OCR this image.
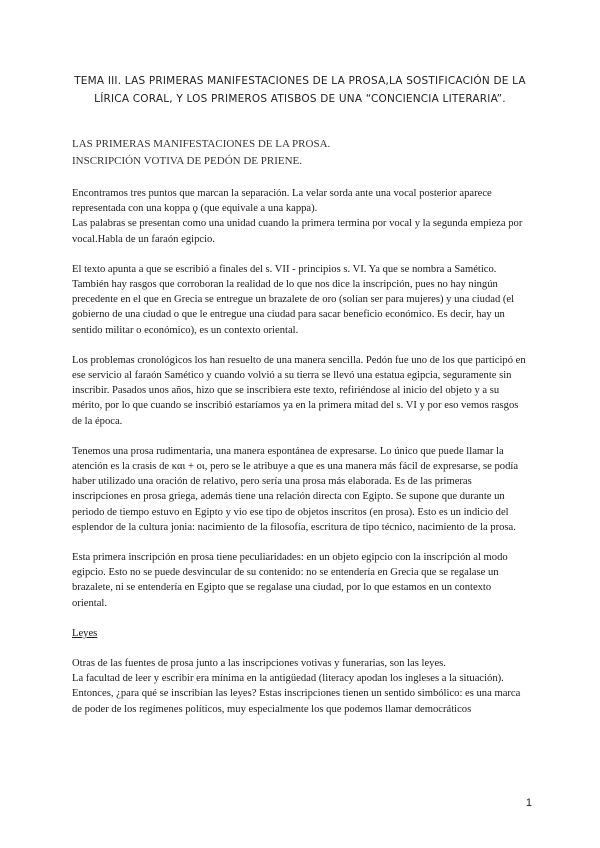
TEMA III. LAS PRIMERAS MANIFESTACIONES DE LA PROSA,LA SOSTIFICACIÓN DE LA LÍRICA CORAL, Y LOS PRIMEROS ATISBOS DE UNA “CONCIENCIA LITERARIA”.
LAS PRIMERAS MANIFESTACIONES DE LA PROSA.
INSCRIPCIÓN VOTIVA DE PEDÓN DE PRIENE.

Encontramos tres puntos que marcan la separación. La velar sorda ante una vocal posterior aparece representada con una koppa ϙ (que equivale a una kappa).
Las palabras se presentan como una unidad cuando la primera termina por vocal y la segunda empieza por vocal.Habla de un faraón egipcio.

El texto apunta a que se escribió a finales del s. VII - principios s. VI. Ya que se nombra a Samético. También hay rasgos que corroboran la realidad de lo que nos dice la inscripción, pues no hay ningún precedente en el que en Grecia se entregue un brazalete de oro (solían ser para mujeres) y una ciudad (el gobierno de una ciudad o que le entregue una ciudad para sacar beneficio económico. Es decir, hay un sentido militar o económico), es un contexto oriental.

Los problemas cronológicos los han resuelto de una manera sencilla. Pedón fue uno de los que participó en ese servicio al faraón Samético y cuando volvió a su tierra se llevó una estatua egipcia, seguramente sin inscribir. Pasados unos años, hizo que se inscribiera este texto, refiriéndose al inicio del objeto y a su mérito, por lo que cuando se inscribió estaríamos ya en la primera mitad del s. VI y por eso vemos rasgos de la época.

Tenemos una prosa rudimentaria, una manera espontánea de expresarse. Lo único que puede llamar la atención es la crasis de και + οι, pero se le atribuye a que es una manera más fácil de expresarse, se podía haber utilizado una oración de relativo, pero sería una prosa más elaborada. Es de las primeras inscripciones en prosa griega, además tiene una relación directa con Egipto. Se supone que durante un periodo de tiempo estuvo en Egipto y vio ese tipo de objetos inscritos (en prosa). Esto es un indicio del esplendor de la cultura jonia: nacimiento de la filosofía, escritura de tipo técnico, nacimiento de la prosa.

Esta primera inscripción en prosa tiene peculiaridades: en un objeto egipcio con la inscripción al modo egipcio. Esto no se puede desvincular de su contenido: no se entendería en Grecia que se regalase un brazalete, ni se entendería en Egipto que se regalase una ciudad, por lo que estamos en un contexto oriental.

Leyes

Otras de las fuentes de prosa junto a las inscripciones votivas y funerarias, son las leyes.
La facultad de leer y escribir era mínima en la antigüedad (literacy apodan los ingleses a la situación). Entonces, ¿para qué se inscribían las leyes? Estas inscripciones tienen un sentido simbólico: es una marca de poder de los regímenes políticos, muy especialmente los que podemos llamar democráticos

1
